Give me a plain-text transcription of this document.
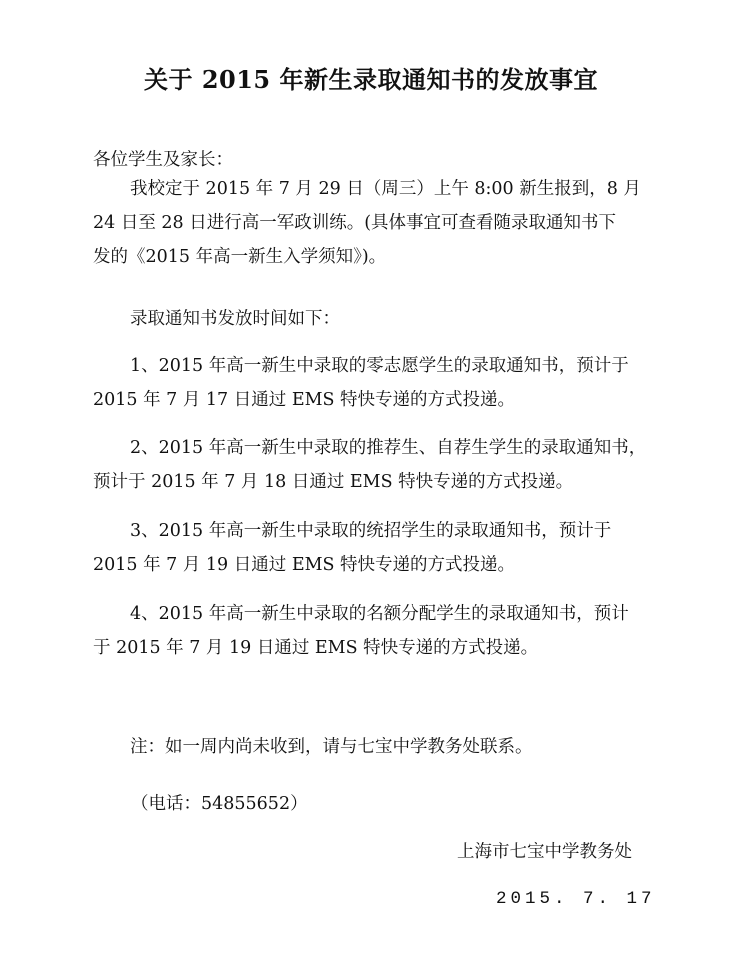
关于 2015 年新生录取通知书的发放事宜
各位学生及家长：
我校定于 2015 年 7 月 29 日（周三）上午 8:00 新生报到，8 月
24 日至 28 日进行高一军政训练。(具体事宜可查看随录取通知书下
发的《2015 年高一新生入学须知》)。
录取通知书发放时间如下：
1、2015 年高一新生中录取的零志愿学生的录取通知书，预计于
2015 年 7 月 17 日通过 EMS 特快专递的方式投递。
2、2015 年高一新生中录取的推荐生、自荐生学生的录取通知书，
预计于 2015 年 7 月 18 日通过 EMS 特快专递的方式投递。
3、2015 年高一新生中录取的统招学生的录取通知书，预计于
2015 年 7 月 19 日通过 EMS 特快专递的方式投递。
4、2015 年高一新生中录取的名额分配学生的录取通知书，预计
于 2015 年 7 月 19 日通过 EMS 特快专递的方式投递。
注：如一周内尚未收到，请与七宝中学教务处联系。
（电话：54855652）
上海市七宝中学教务处
2015. 7. 17
